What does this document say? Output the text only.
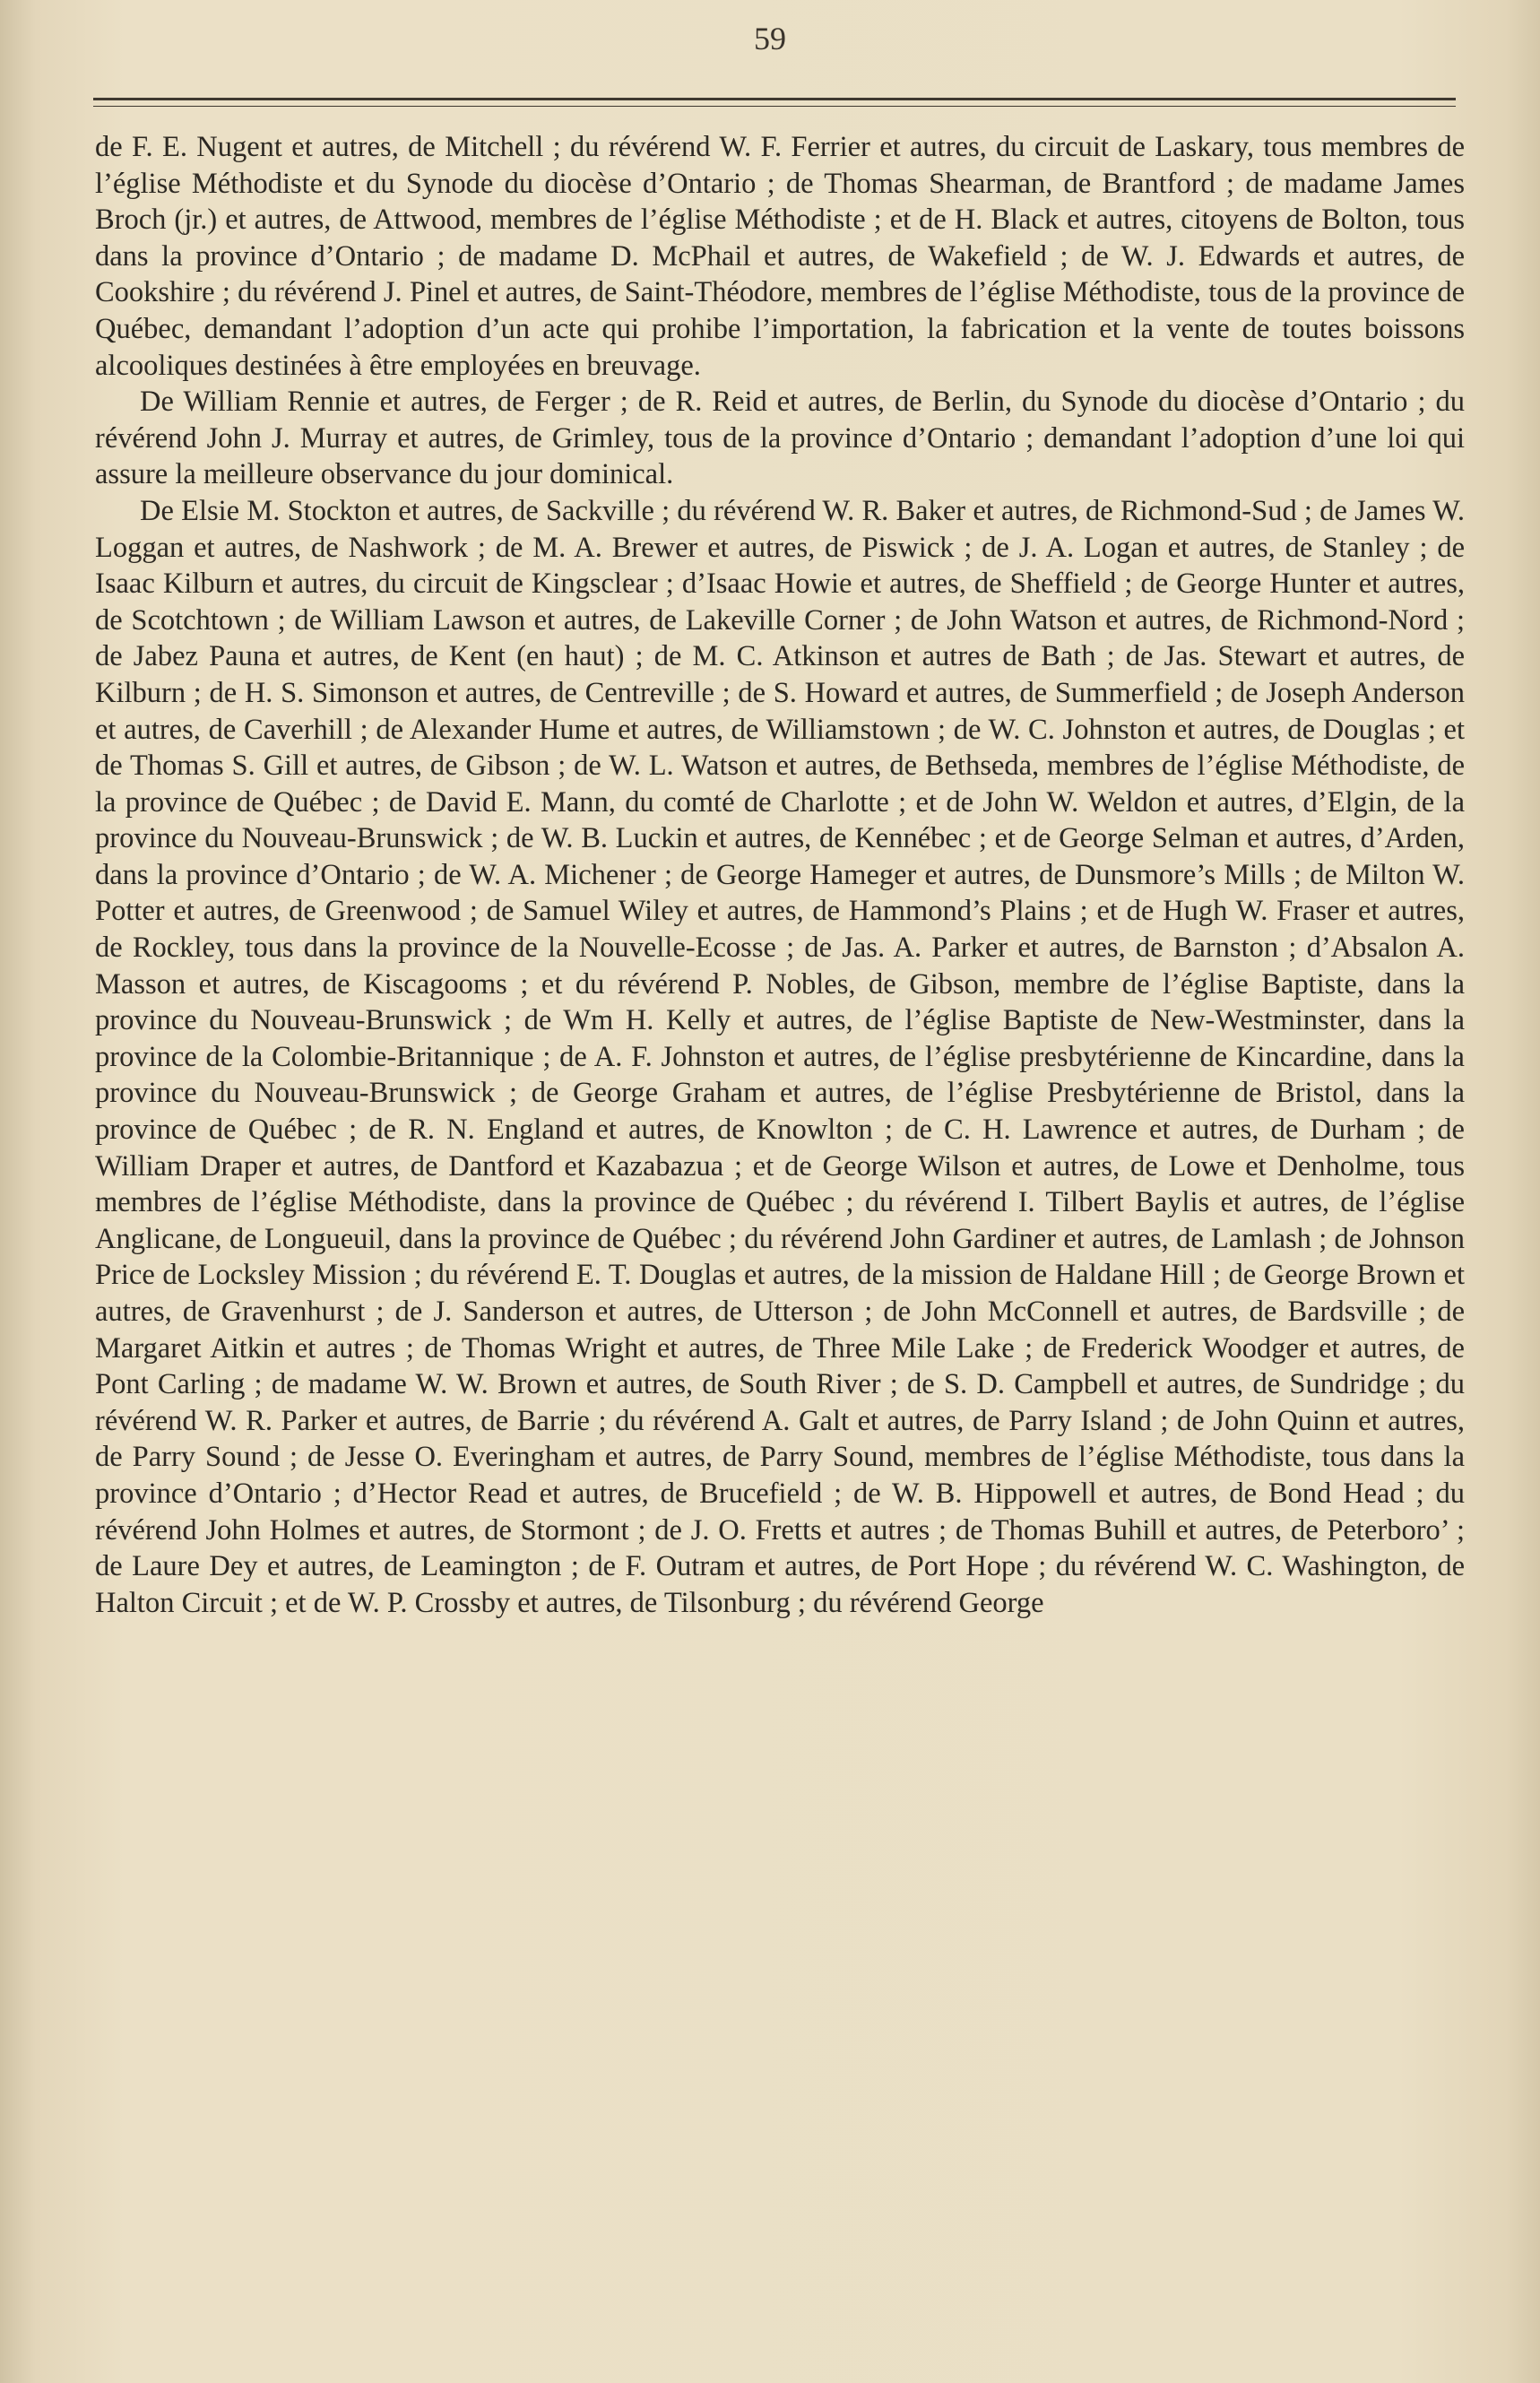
59

de F. E. Nugent et autres, de Mitchell ; du révérend W. F. Ferrier et autres, du circuit de Laskary, tous membres de l’église Méthodiste et du Synode du diocèse d’Ontario ; de Thomas Shearman, de Brantford ; de madame James Broch (jr.) et autres, de Attwood, membres de l’église Méthodiste ; et de H. Black et autres, citoyens de Bolton, tous dans la province d’Ontario ; de madame D. McPhail et autres, de Wakefield ; de W. J. Edwards et autres, de Cookshire ; du révérend J. Pinel et autres, de Saint-Théodore, membres de l’église Méthodiste, tous de la province de Québec, demandant l’adoption d’un acte qui prohibe l’importation, la fabrication et la vente de toutes boissons alcooliques destinées à être employées en breuvage.

De William Rennie et autres, de Ferger ; de R. Reid et autres, de Berlin, du Synode du diocèse d’Ontario ; du révérend John J. Murray et autres, de Grimley, tous de la province d’Ontario ; demandant l’adoption d’une loi qui assure la meilleure observance du jour dominical.

De Elsie M. Stockton et autres, de Sackville ; du révérend W. R. Baker et autres, de Richmond-Sud ; de James W. Loggan et autres, de Nashwork ; de M. A. Brewer et autres, de Piswick ; de J. A. Logan et autres, de Stanley ; de Isaac Kilburn et autres, du circuit de Kingsclear ; d’Isaac Howie et autres, de Sheffield ; de George Hunter et autres, de Scotchtown ; de William Lawson et autres, de Lakeville Corner ; de John Watson et autres, de Richmond-Nord ; de Jabez Pauna et autres, de Kent (en haut) ; de M. C. Atkinson et autres de Bath ; de Jas. Stewart et autres, de Kilburn ; de H. S. Simonson et autres, de Centreville ; de S. Howard et autres, de Summerfield ; de Joseph Anderson et autres, de Caverhill ; de Alexander Hume et autres, de Williamstown ; de W. C. Johnston et autres, de Douglas ; et de Thomas S. Gill et autres, de Gibson ; de W. L. Watson et autres, de Bethseda, membres de l’église Méthodiste, de la province de Québec ; de David E. Mann, du comté de Charlotte ; et de John W. Weldon et autres, d’Elgin, de la province du Nouveau-Brunswick ; de W. B. Luckin et autres, de Kennébec ; et de George Selman et autres, d’Arden, dans la province d’Ontario ; de W. A. Michener ; de George Hameger et autres, de Dunsmore’s Mills ; de Milton W. Potter et autres, de Greenwood ; de Samuel Wiley et autres, de Hammond’s Plains ; et de Hugh W. Fraser et autres, de Rockley, tous dans la province de la Nouvelle-Ecosse ; de Jas. A. Parker et autres, de Barnston ; d’Absalon A. Masson et autres, de Kiscagooms ; et du révérend P. Nobles, de Gibson, membre de l’église Baptiste, dans la province du Nouveau-Brunswick ; de Wm H. Kelly et autres, de l’église Baptiste de New-Westminster, dans la province de la Colombie-Britannique ; de A. F. Johnston et autres, de l’église presbytérienne de Kincardine, dans la province du Nouveau-Brunswick ; de George Graham et autres, de l’église Presbytérienne de Bristol, dans la province de Québec ; de R. N. England et autres, de Knowlton ; de C. H. Lawrence et autres, de Durham ; de William Draper et autres, de Dantford et Kazabazua ; et de George Wilson et autres, de Lowe et Denholme, tous membres de l’église Méthodiste, dans la province de Québec ; du révérend I. Tilbert Baylis et autres, de l’église Anglicane, de Longueuil, dans la province de Québec ; du révérend John Gardiner et autres, de Lamlash ; de Johnson Price de Locksley Mission ; du révérend E. T. Douglas et autres, de la mission de Haldane Hill ; de George Brown et autres, de Gravenhurst ; de J. Sanderson et autres, de Utterson ; de John McConnell et autres, de Bardsville ; de Margaret Aitkin et autres ; de Thomas Wright et autres, de Three Mile Lake ; de Frederick Woodger et autres, de Pont Carling ; de madame W. W. Brown et autres, de South River ; de S. D. Campbell et autres, de Sundridge ; du révérend W. R. Parker et autres, de Barrie ; du révérend A. Galt et autres, de Parry Island ; de John Quinn et autres, de Parry Sound ; de Jesse O. Everingham et autres, de Parry Sound, membres de l’église Méthodiste, tous dans la province d’Ontario ; d’Hector Read et autres, de Brucefield ; de W. B. Hippowell et autres, de Bond Head ; du révérend John Holmes et autres, de Stormont ; de J. O. Fretts et autres ; de Thomas Buhill et autres, de Peterboro’ ; de Laure Dey et autres, de Leamington ; de F. Outram et autres, de Port Hope ; du révérend W. C. Washington, de Halton Circuit ; et de W. P. Crossby et autres, de Tilsonburg ; du révérend George
